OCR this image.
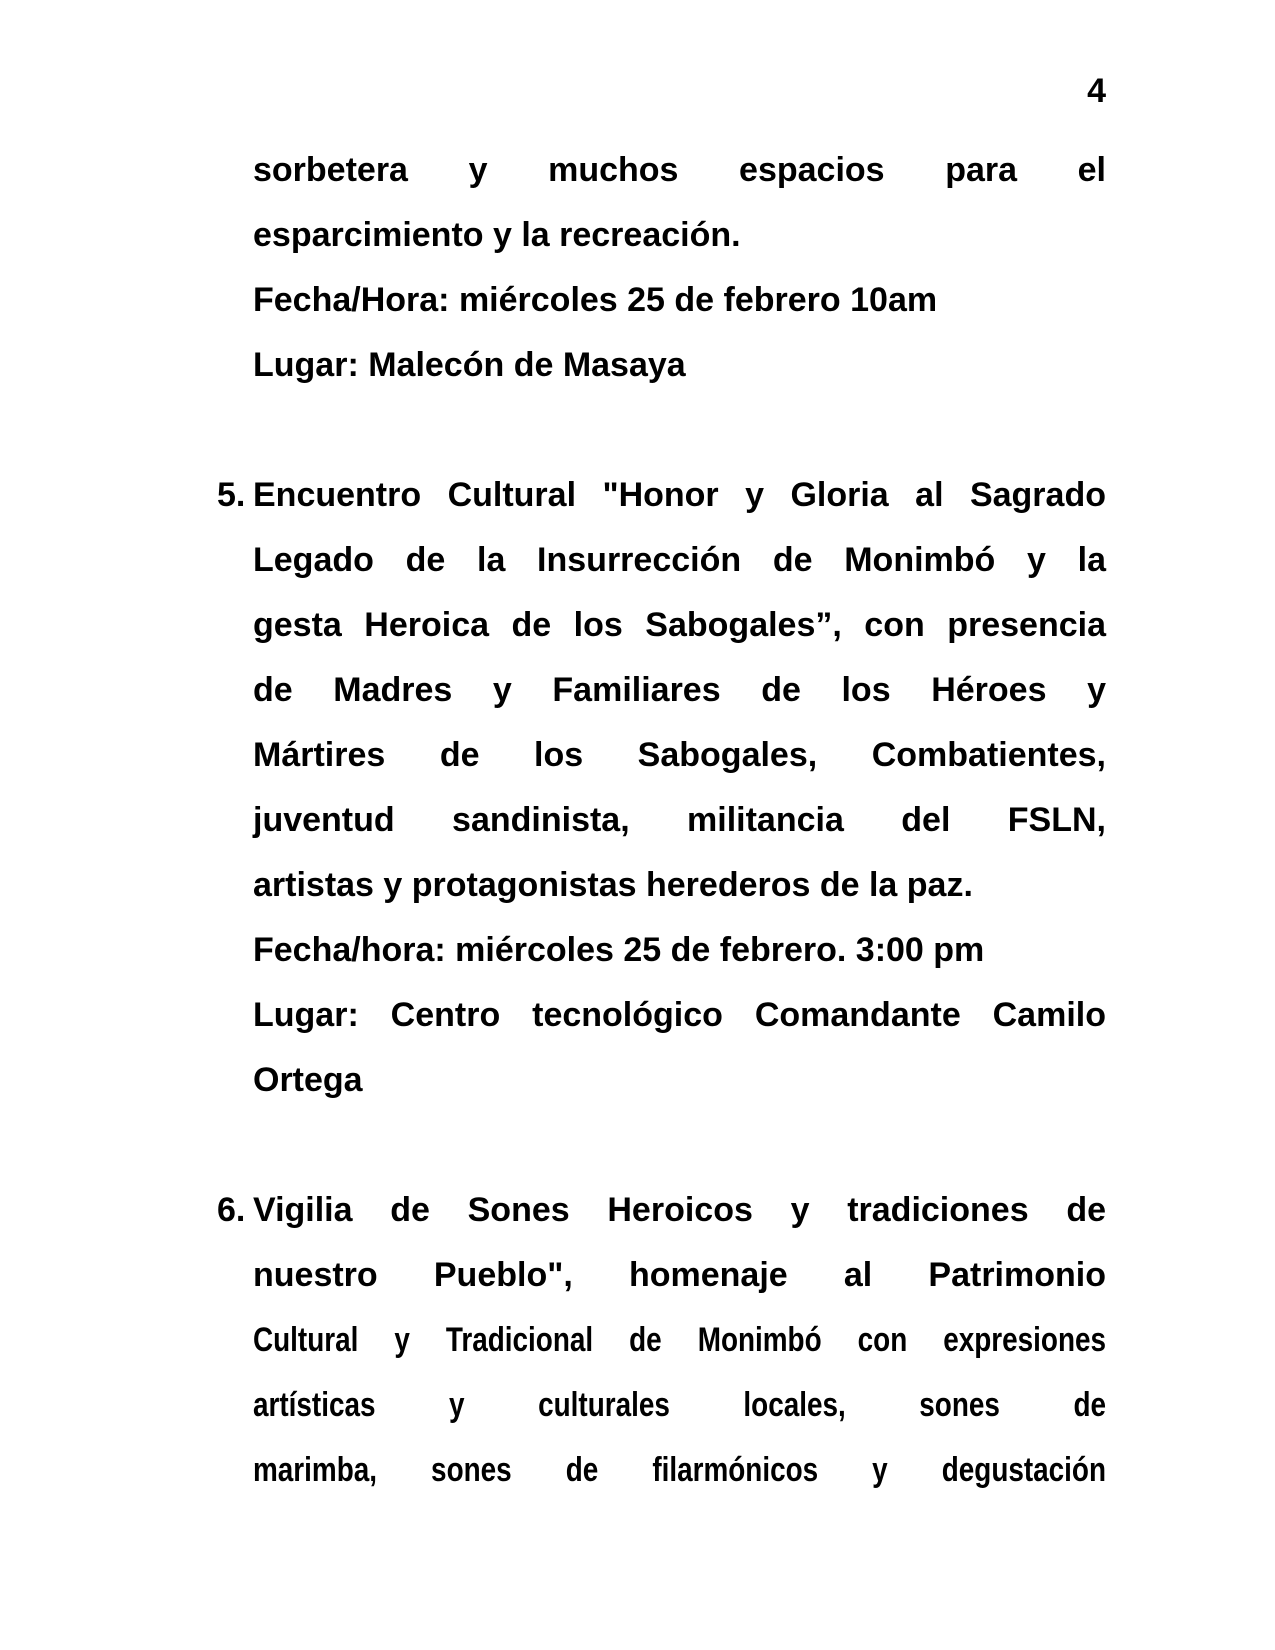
4
sorbetera y muchos espacios para el
esparcimiento y la recreación.
Fecha/Hora: miércoles 25 de febrero 10am
Lugar: Malecón de Masaya
5. Encuentro Cultural "Honor y Gloria al Sagrado
Legado de la Insurrección de Monimbó y la
gesta Heroica de los Sabogales”, con presencia
de Madres y Familiares de los Héroes y
Mártires de los Sabogales, Combatientes,
juventud sandinista, militancia del FSLN,
artistas y protagonistas herederos de la paz.
Fecha/hora: miércoles 25 de febrero. 3:00 pm
Lugar: Centro tecnológico Comandante Camilo
Ortega
6. Vigilia de Sones Heroicos y tradiciones de
nuestro Pueblo", homenaje al Patrimonio
Cultural y Tradicional de Monimbó con expresiones
artísticas y culturales locales, sones de
marimba, sones de filarmónicos y degustación
